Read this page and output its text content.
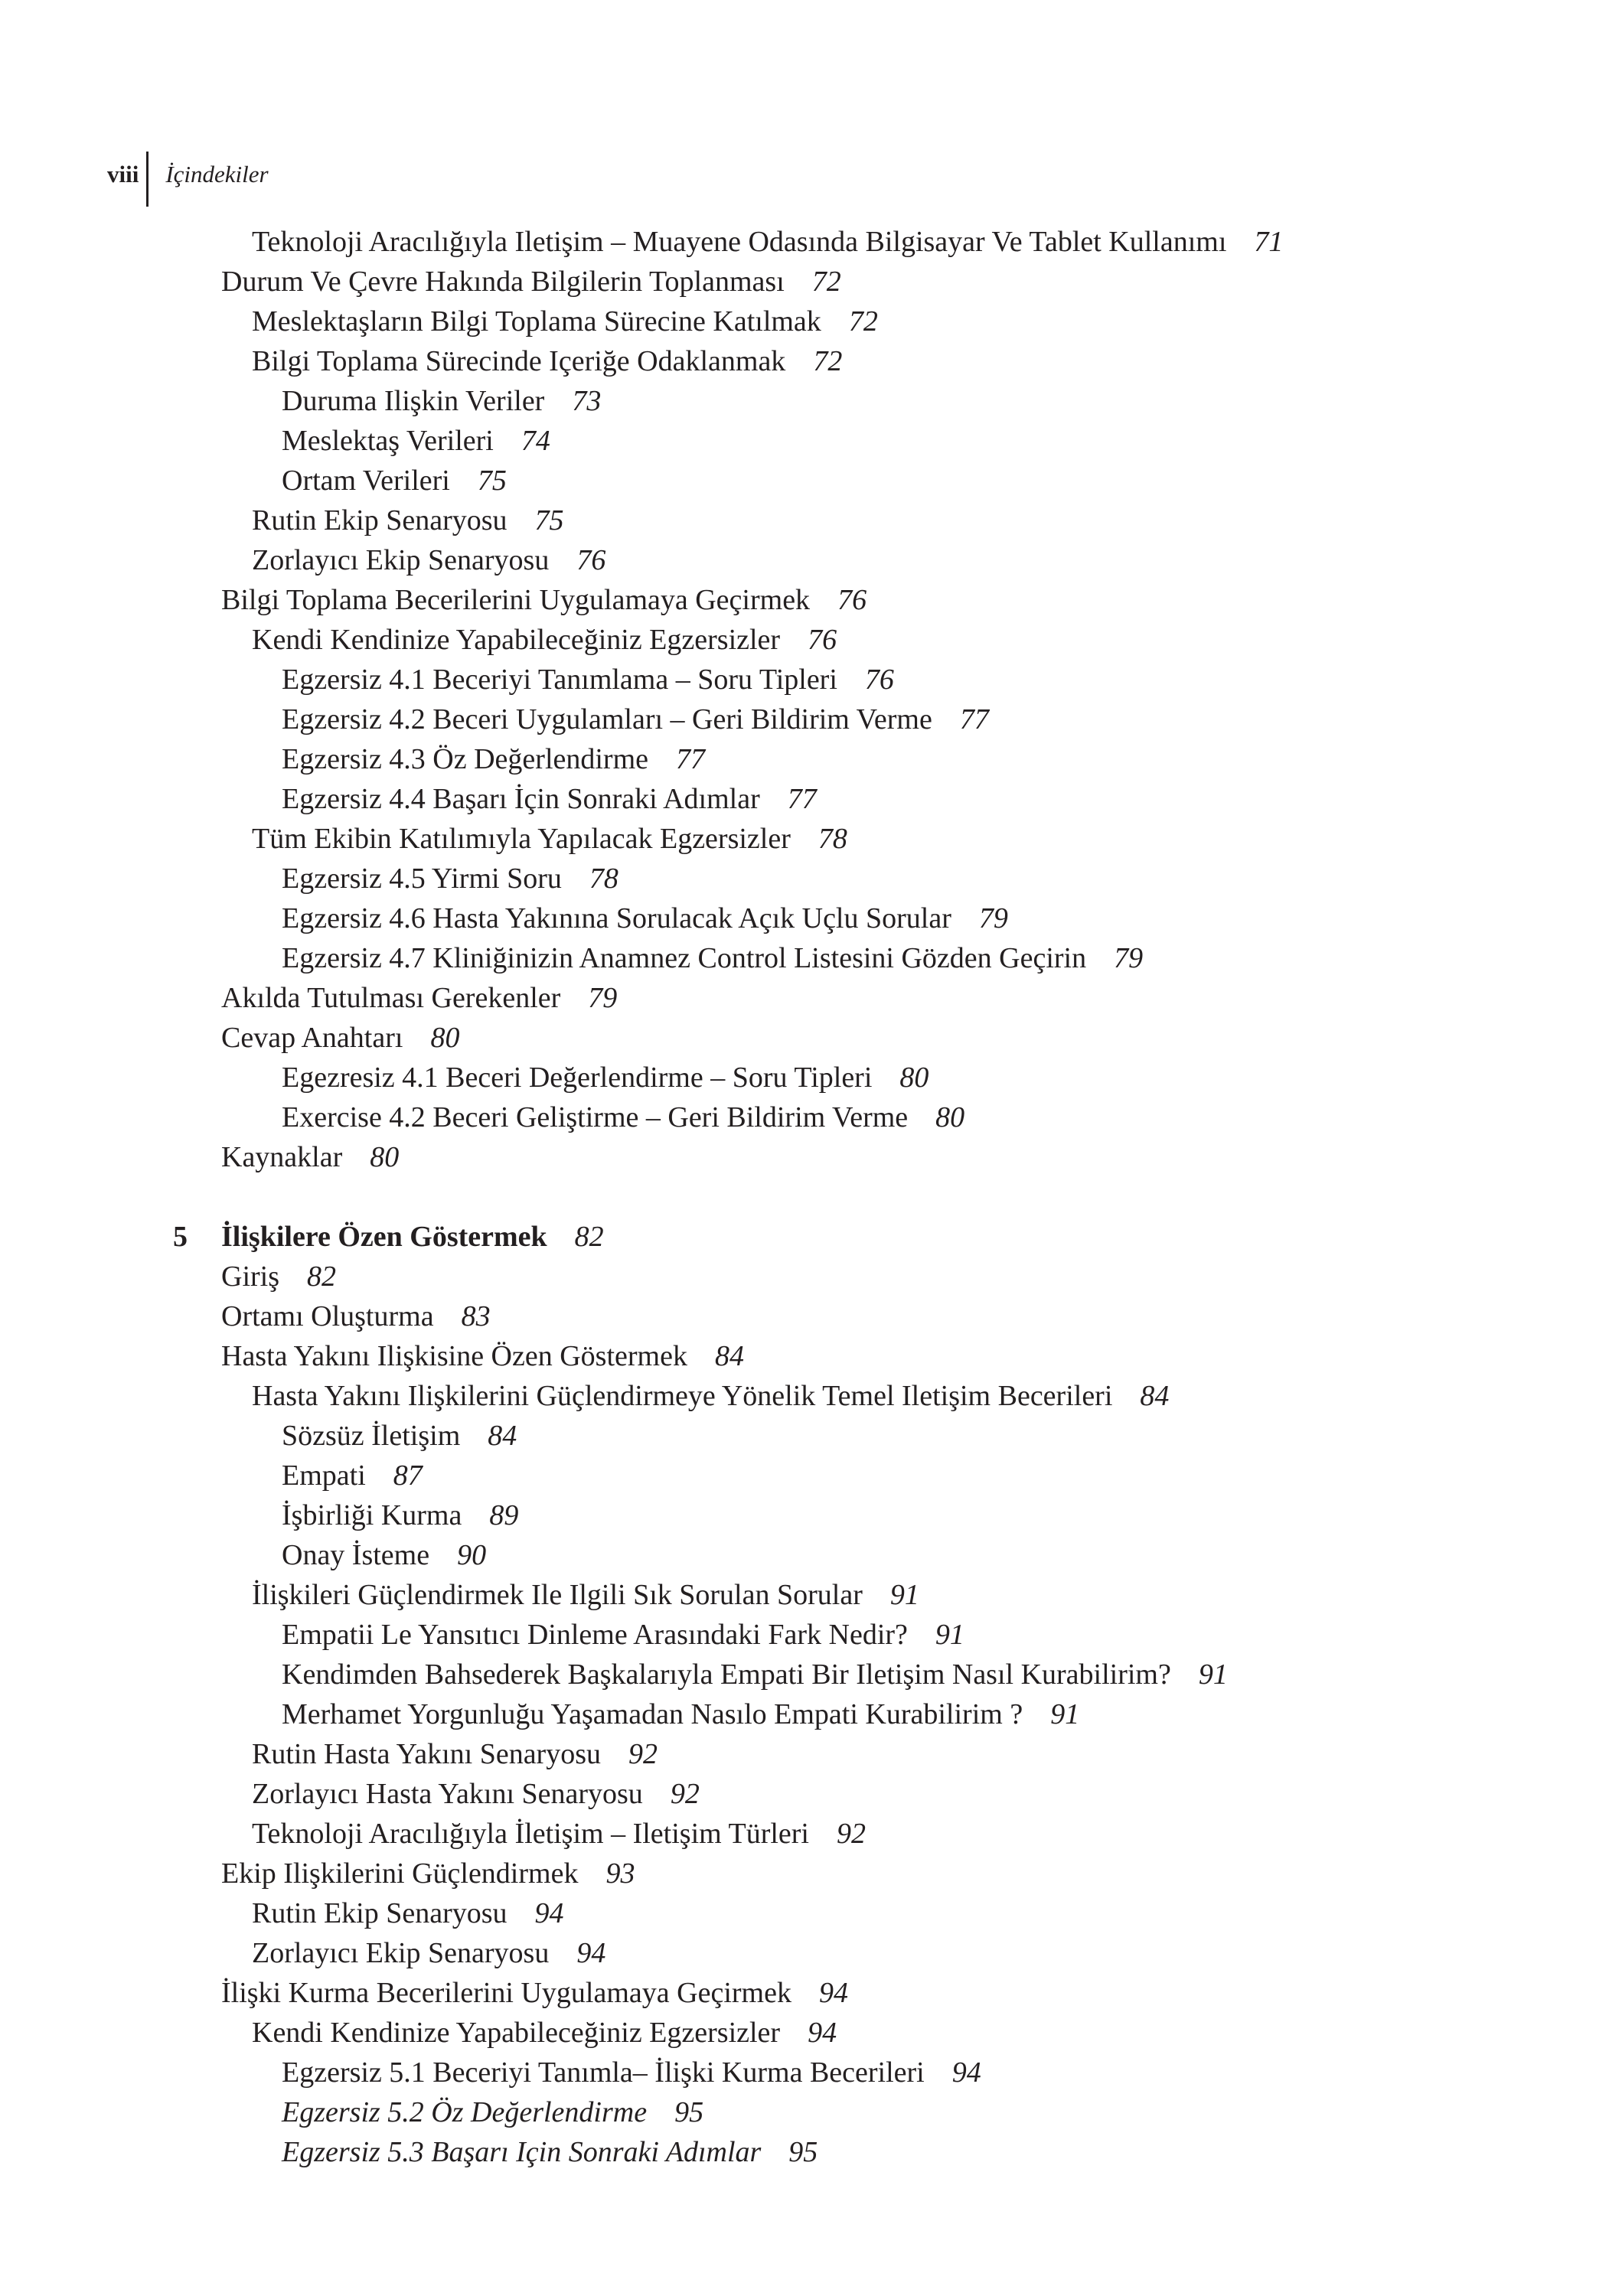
viii İçindekiler
Teknoloji Aracılığıyla Iletişim – Muayene Odasında Bilgisayar Ve Tablet Kullanımı 71
Durum Ve Çevre Hakında Bilgilerin Toplanması 72
Meslektaşların Bilgi Toplama Sürecine Katılmak 72
Bilgi Toplama Sürecinde Içeriğe Odaklanmak 72
Duruma Ilişkin Veriler 73
Meslektaş Verileri 74
Ortam Verileri 75
Rutin Ekip Senaryosu 75
Zorlayıcı Ekip Senaryosu 76
Bilgi Toplama Becerilerini Uygulamaya Geçirmek 76
Kendi Kendinize Yapabileceğiniz Egzersizler 76
Egzersiz 4.1 Beceriyi Tanımlama – Soru Tipleri 76
Egzersiz 4.2 Beceri Uygulamları – Geri Bildirim Verme 77
Egzersiz 4.3 Öz Değerlendirme 77
Egzersiz 4.4 Başarı İçin Sonraki Adımlar 77
Tüm Ekibin Katılımıyla Yapılacak Egzersizler 78
Egzersiz 4.5 Yirmi Soru 78
Egzersiz 4.6 Hasta Yakınına Sorulacak Açık Uçlu Sorular 79
Egzersiz 4.7 Kliniğinizin Anamnez Control Listesini Gözden Geçirin 79
Akılda Tutulması Gerekenler 79
Cevap Anahtarı 80
Egezresiz 4.1 Beceri Değerlendirme – Soru Tipleri 80
Exercise 4.2 Beceri Geliştirme – Geri Bildirim Verme 80
Kaynaklar 80
5 İlişkilere Özen Göstermek 82
Giriş 82
Ortamı Oluşturma 83
Hasta Yakını Ilişkisine Özen Göstermek 84
Hasta Yakını Ilişkilerini Güçlendirmeye Yönelik Temel Iletişim Becerileri 84
Sözsüz İletişim 84
Empati 87
İşbirliği Kurma 89
Onay İsteme 90
İlişkileri Güçlendirmek Ile Ilgili Sık Sorulan Sorular 91
Empatii Le Yansıtıcı Dinleme Arasındaki Fark Nedir? 91
Kendimden Bahsederek Başkalarıyla Empati Bir Iletişim Nasıl Kurabilirim? 91
Merhamet Yorgunluğu Yaşamadan Nasılo Empati Kurabilirim ? 91
Rutin Hasta Yakını Senaryosu 92
Zorlayıcı Hasta Yakını Senaryosu 92
Teknoloji Aracılığıyla İletişim – Iletişim Türleri 92
Ekip Ilişkilerini Güçlendirmek 93
Rutin Ekip Senaryosu 94
Zorlayıcı Ekip Senaryosu 94
İlişki Kurma Becerilerini Uygulamaya Geçirmek 94
Kendi Kendinize Yapabileceğiniz Egzersizler 94
Egzersiz 5.1 Beceriyi Tanımla– İlişki Kurma Becerileri 94
Egzersiz 5.2 Öz Değerlendirme 95
Egzersiz 5.3 Başarı Için Sonraki Adımlar 95
